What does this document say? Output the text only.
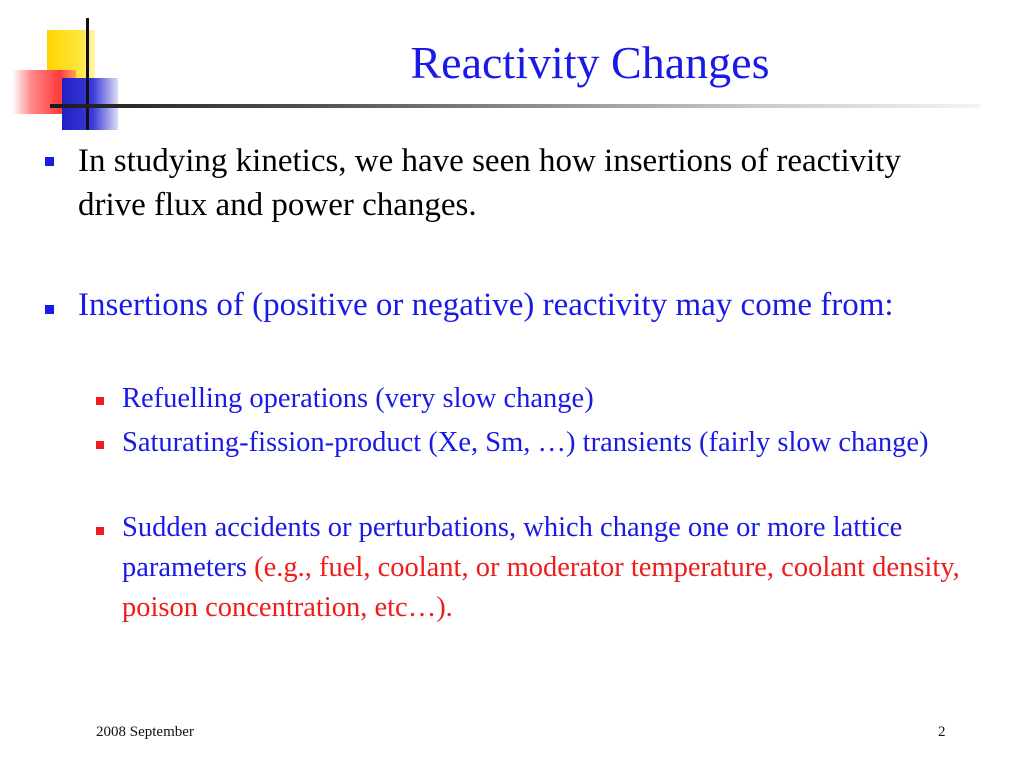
Reactivity Changes
In studying kinetics, we have seen how insertions of reactivity drive flux and power changes.
Insertions of (positive or negative) reactivity may come from:
Refuelling operations (very slow change)
Saturating-fission-product (Xe, Sm, …) transients (fairly slow change)
Sudden accidents or perturbations, which change one or more lattice parameters (e.g., fuel, coolant, or moderator temperature, coolant density, poison concentration, etc…).
2008 September	2
